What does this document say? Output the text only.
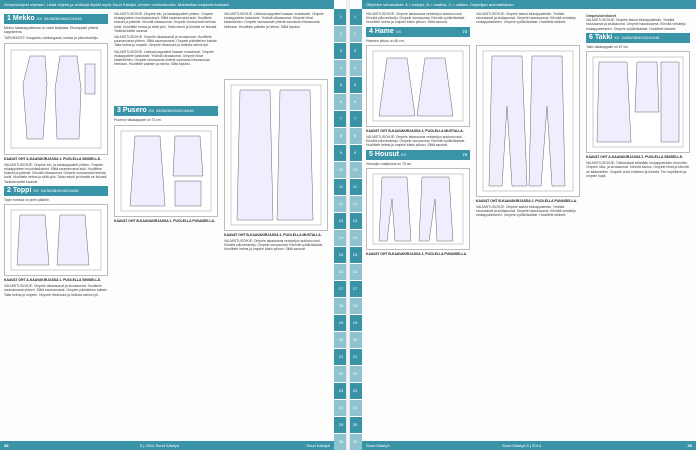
Ompeluohjeet ohjeisiin. Lisää ohjeita ja vinkkejä löydät myös Suuri Käsityö -lehden verkkosivuilta. Muistathan esipestä kankaat.
1 Mekko XX 34/36/38/40/42/44/46

Mekon takakappaleessa on kaksi lisäpalaa. Etukappale yhtenä kappaleena.

TARVIKKEET: Kangasta, tukikangasta, lankaa ja piilovetoketju.

KAAVAT OHT A-KAAVAKIRJASSA 1. PUOLELLA SINISELLÄ.

VALMISTUSOHJE: Ompele etu- ja takakappaleet yhteen. Ompele etukappaleen muotolaskokset. Silitä saumanvarat auki. Huolittele hiukset ja pääntie. Kiinnitä olkasaumat. Ompele sivusaumat helmaa kohti. Huolittele helma ja silitä ylös. Taita resorit ja kiinnitä ne tiukasti. Tarkista kaikki saumat.

2 Toppi XX 34/36/38/40/42/44/46

Topin edessä on pieni pääntie.

KAAVAT OHT A-KAAVAKIRJASSA 1. PUOLELLA SINISELLÄ.

VALMISTUSOHJE: Ompele olkasaumat ja sivusaumat. Huolittele saumanvarat yhteen. Silitä saumanvarat. Ompele pääntiehen kaitale. Taita helma ja ompele. Ompele hihansuut ja tarkista valmis työ.

VALMISTUSOHJE: Ompele etu- ja takakappaleet yhteen. Ompele etukappaleen muotolaskokset. Silitä saumanvarat auki. Huolittele hiukset ja pääntie. Kiinnitä olkasaumat. Ompele sivusaumat helmaa kohti. Huolittele helma ja silitä ylös. Taita resorit ja kiinnitä ne tiukasti. Tarkista kaikki saumat.

VALMISTUSOHJE: Ompele olkasaumat ja sivusaumat. Huolittele saumanvarat yhteen. Silitä saumanvarat. Ompele pääntiehen kaitale. Taita helma ja ompele. Ompele hihansuut ja tarkista valmis työ.

VALMISTUSOHJE: Leikkaa kappaleet kaavan mukaisesti. Ompele etukappaleen laskokset. Yhdistä olkasaumat. Ompele hihat kädentiehen. Ompele sivusaumat yhtenä saumana hihansuusta helmaan. Huolittele pääntie ja helma. Silitä lopuksi.

3 Pusero XX 34/36/38/40/42/44/46

Puseron takakappale on 73 cm.

KAAVAT OHT B-KAAVAKIRJASSA 1. PUOLELLA PUNAISELLA.

VALMISTUSOHJE: Leikkaa kappaleet kaavan mukaisesti. Ompele etukappaleen laskokset. Yhdistä olkasaumat. Ompele hihat kädentiehen. Ompele sivusaumat yhtenä saumana hihansuusta helmaan. Huolittele pääntie ja helma. Silitä lopuksi.

KAAVAT OHT B-KAAVAKIRJASSA 2. PUOLELLA MUSTALLA.

VALMISTUSOHJE: Ompele takasauma vetoketjun aukkoon asti. Kiinnitä piilovetoketju. Ompele sivusaumat. Kiinnitä vyötärökaitale. Huolittele helma ja ompele käsin piiloon. Silitä saumat.

1
2
3
4
5
6
7
8
9
10
11
12
13
14
15
16
17
18
19
20
21
22
23
24
25
26
38	5 | 2014 Suuri Käsityö	Suuri Käsityö
Ohjeiden selostukset: A = helppo, B = vaativa, C = vaikea. Ompelijan ammattilainen
1
2
3
4
5
6
7
8
9
10
11
12
13
14
15
16
17
18
19
20
21
22
23
24
25
26

VALMISTUSOHJE: Ompele takasauma vetoketjun aukkoon asti. Kiinnitä piilovetoketju. Ompele sivusaumat. Kiinnitä vyötärökaitale. Huolittele helma ja ompele käsin piiloon. Silitä saumat.

4 Hame XX	73

Hameen pituus on 66 cm.

KAAVAT OHT B-KAAVAKIRJASSA 2. PUOLELLA MUSTALLA.

VALMISTUSOHJE: Ompele takasauma vetoketjun aukkoon asti. Kiinnitä piilovetoketju. Ompele sivusaumat. Kiinnitä vyötärökaitale. Huolittele helma ja ompele käsin piiloon. Silitä saumat.

5 Housut XX	73

Housujen sisäpituus on 78 cm.

KAAVAT OHT B-KAAVAKIRJASSA 2. PUOLELLA PUNAISELLA.

VALMISTUSOHJE: Ompele taskut etukappaleisiin. Yhdistä sivusaumat ja sisäsaumat. Ompele haarasauma. Kiinnitä vetoketju etukappaleeseen. Ompele vyötärökaitale. Huolittele lahkeet.

KAAVAT OHT B-KAAVAKIRJASSA 2. PUOLELLA PUNAISELLA.

VALMISTUSOHJE: Ompele taskut etukappaleisiin. Yhdistä sivusaumat ja sisäsaumat. Ompele haarasauma. Kiinnitä vetoketju etukappaleeseen. Ompele vyötärökaitale. Huolittele lahkeet.

Ompelutarvikkeet

VALMISTUSOHJE: Ompele taskut etukappaleisiin. Yhdistä sivusaumat ja sisäsaumat. Ompele haarasauma. Kiinnitä vetoketju etukappaleeseen. Ompele vyötärökaitale. Huolittele lahkeet.

6 Takki XX 34/36/38/40/42/44/46

Takin takakappale on 67 cm.

KAAVAT OHT A-KAAVAKIRJASSA 2. PUOLELLA SINISELLÄ.

VALMISTUSOHJE: Tukikankaat silitetään etukappaleiden reunoihin. Ompele olka- ja sivusaumat. Kiinnitä kaulus. Ompele hihat ja kiinnitä ne kädenteihin. Ompele vuori erikseen ja kiinnitä. Tee napinlävet ja ompele napit.

Suuri Käsityö	Suuri Käsityö 5 | 2014	39
